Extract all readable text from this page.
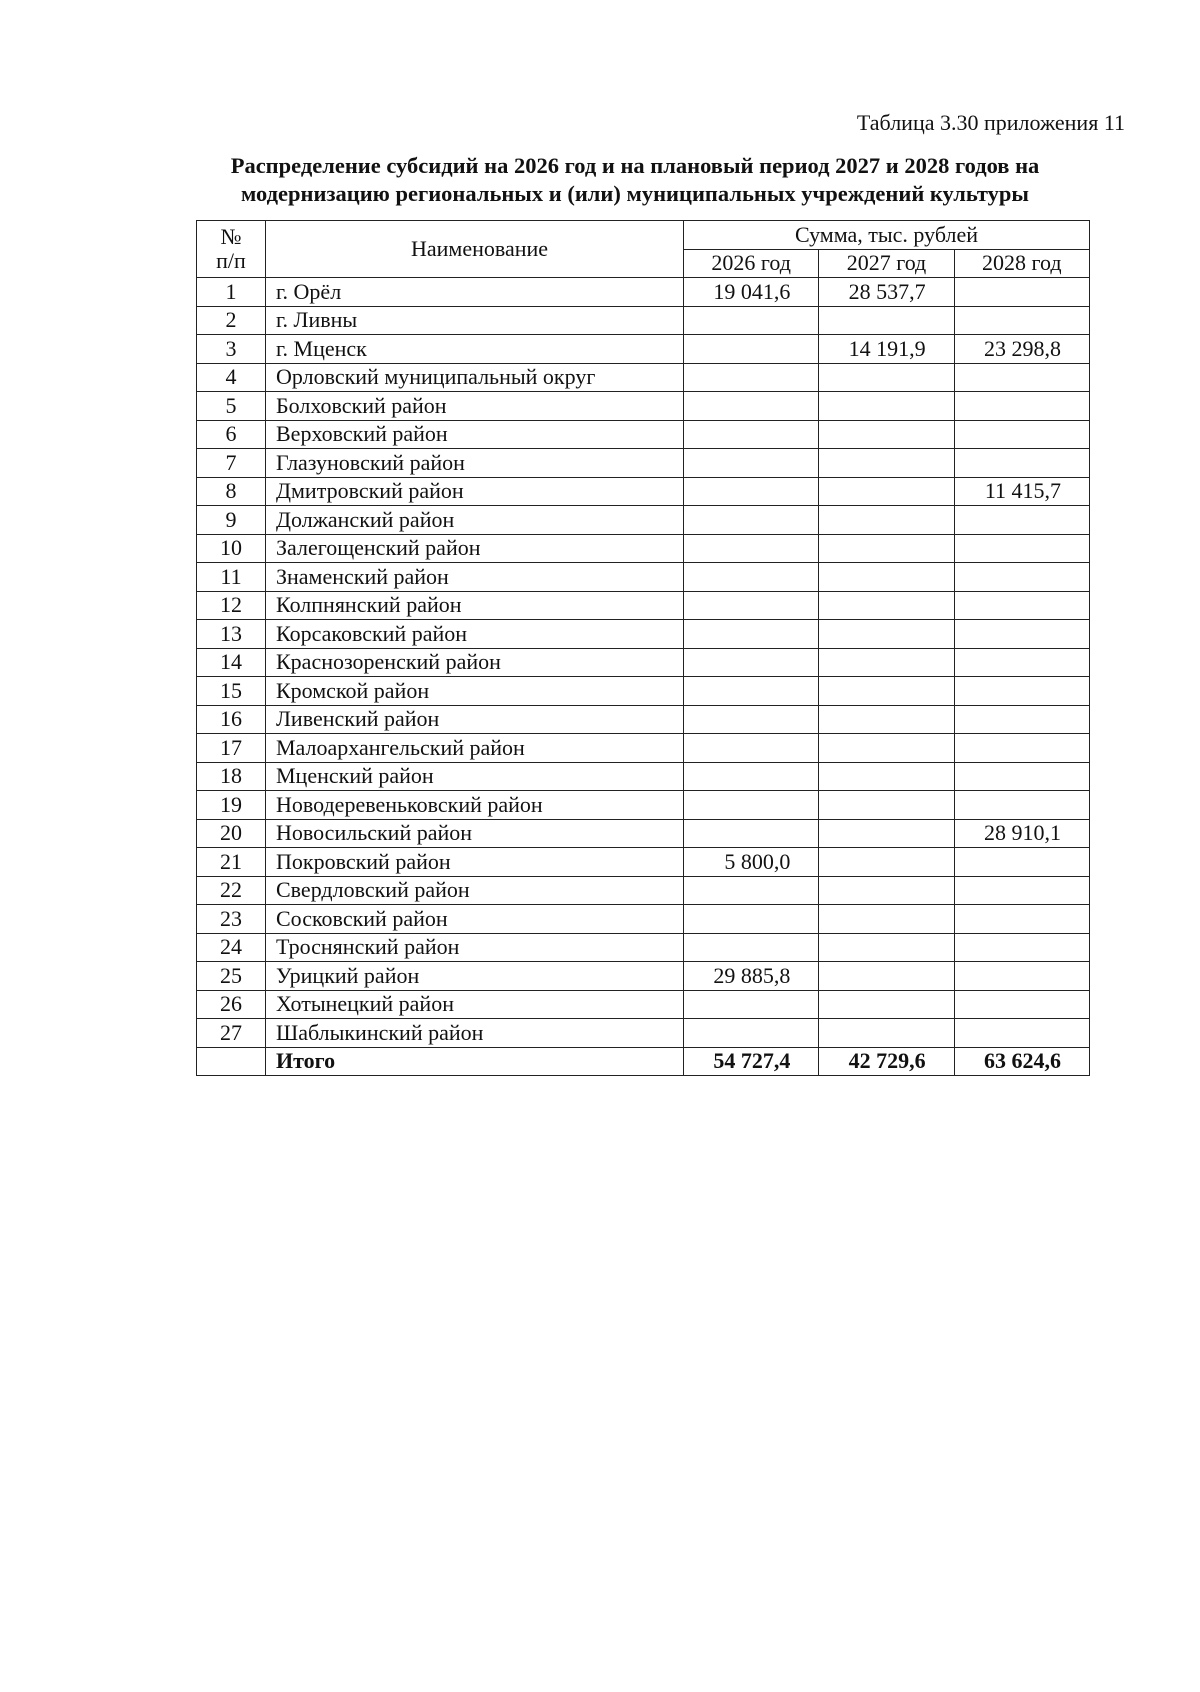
Таблица 3.30 приложения 11
Распределение субсидий на 2026 год и на плановый период 2027 и 2028 годов на
модернизацию региональных и (или) муниципальных учреждений культуры
№
п/п	Наименование	Сумма, тыс. рублей		
		2026 год	2027 год	2028 год
1	г. Орёл	19 041,6	28 537,7	
2	г. Ливны			
3	г. Мценск		14 191,9	23 298,8
4	Орловский муниципальный округ			
5	Болховский район			
6	Верховский район			
7	Глазуновский район			
8	Дмитровский район			11 415,7
9	Должанский район			
10	Залегощенский район			
11	Знаменский район			
12	Колпнянский район			
13	Корсаковский район			
14	Краснозоренский район			
15	Кромской район			
16	Ливенский район			
17	Малоархангельский район			
18	Мценский район			
19	Новодеревеньковский район			
20	Новосильский район			28 910,1
21	Покровский район	5 800,0		
22	Свердловский район			
23	Сосковский район			
24	Троснянский район			
25	Урицкий район	29 885,8		
26	Хотынецкий район			
27	Шаблыкинский район			
	Итого	54 727,4	42 729,6	63 624,6
